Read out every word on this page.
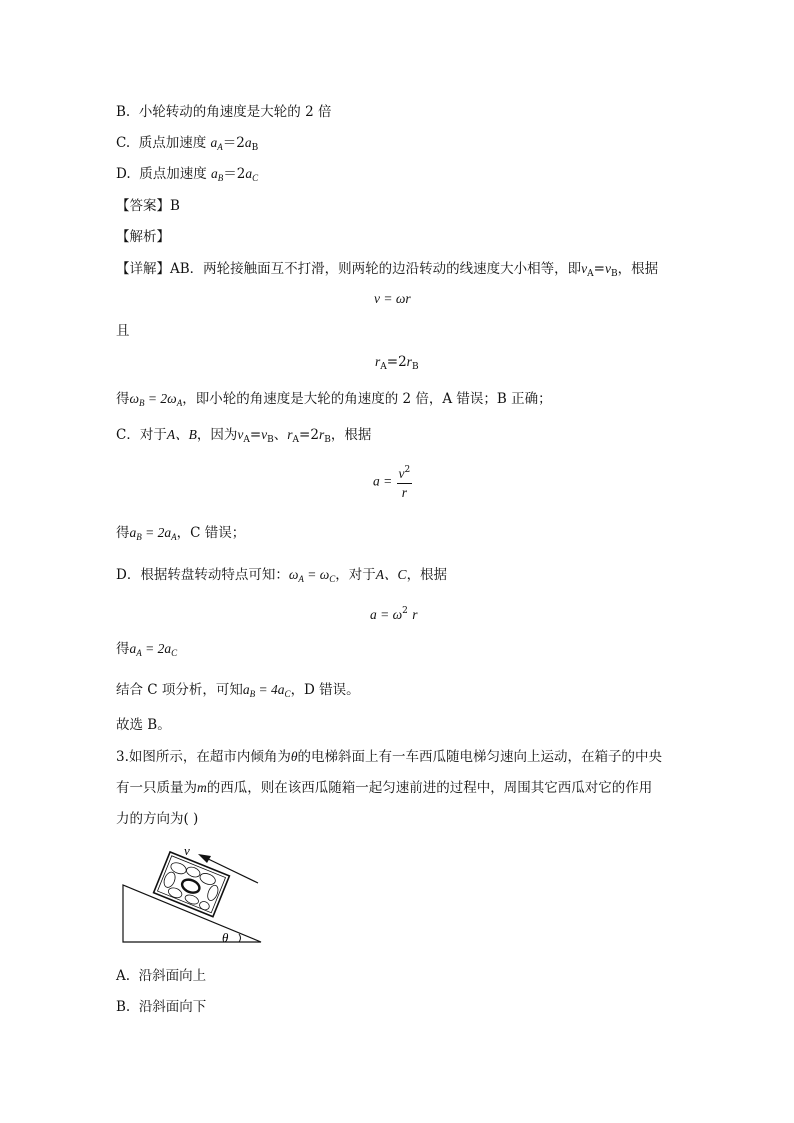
B. 小轮转动的角速度是大轮的 2 倍
C. 质点加速度 $a_A=2a_B$
D. 质点加速度 $a_B=2a_C$
【答案】B
【解析】
【详解】AB．两轮接触面互不打滑，则两轮的边沿转动的线速度大小相等，即$v_A=v_B$，根据
v = ωr
且
$r_A=2r_B$
得$\omega_B = 2\omega_A$，即小轮的角速度是大轮的角速度的 2 倍，A 错误；B 正确；
C．对于A、B，因为$v_A=v_B$、$r_A=2r_B$，根据
$a = \frac{v^2}{r}$
得$a_B = 2a_A$，C 错误；
D．根据转盘转动特点可知：$\omega_A = \omega_C$，对于A、C，根据
$a = \omega^2$ r
得$a_A = 2a_C$
结合 C 项分析，可知$a_B = 4a_C$，D 错误。
故选 B。
3.如图所示，在超市内倾角为θ的电梯斜面上有一车西瓜随电梯匀速向上运动，在箱子的中央
有一只质量为m的西瓜，则在该西瓜随箱一起匀速前进的过程中，周围其它西瓜对它的作用
力的方向为( )
v
θ
A. 沿斜面向上
B. 沿斜面向下
